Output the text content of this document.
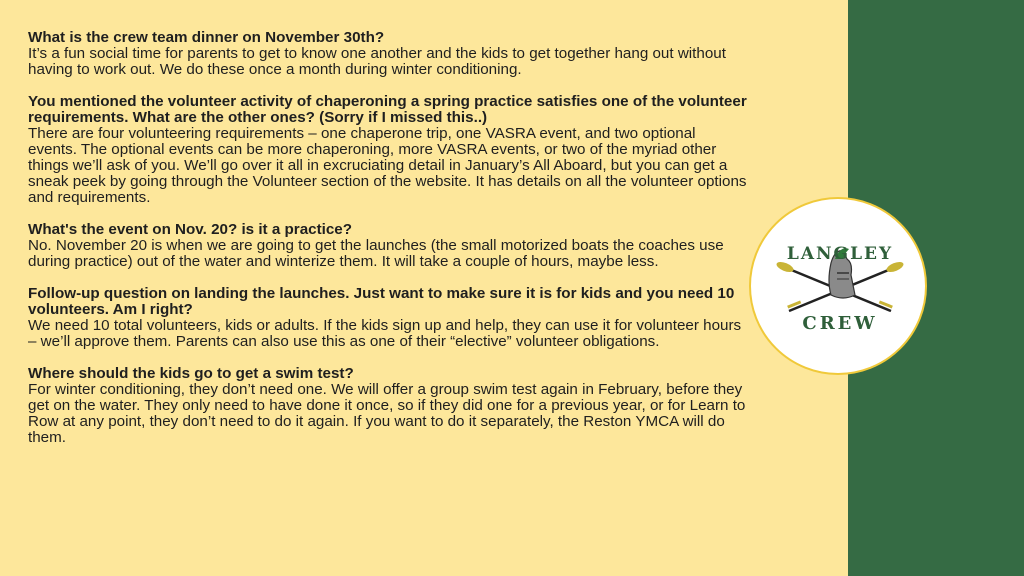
What is the crew team dinner on November 30th?
It’s a fun social time for parents to get to know one another and the kids to get together hang out without having to work out. We do these once a month during winter conditioning.
You mentioned the volunteer activity of chaperoning a spring practice satisfies one of the volunteer requirements. What are the other ones? (Sorry if I missed this..)
There are four volunteering requirements – one chaperone trip, one VASRA event, and two optional events. The optional events can be more chaperoning, more VASRA events, or two of the myriad other things we’ll ask of you. We’ll go over it all in excruciating detail in January’s All Aboard, but you can get a sneak peek by going through the Volunteer section of the website. It has details on all the volunteer options and requirements.
What's the event on Nov. 20? is it a practice?
No. November 20 is when we are going to get the launches (the small motorized boats the coaches use during practice) out of the water and winterize them. It will take a couple of hours, maybe less.
Follow-up question on landing the launches. Just want to make sure it is for kids and you need 10 volunteers. Am I right?
We need 10 total volunteers, kids or adults. If the kids sign up and help, they can use it for volunteer hours – we’ll approve them. Parents can also use this as one of their “elective” volunteer obligations.
Where should the kids go to get a swim test?
For winter conditioning, they don’t need one. We will offer a group swim test again in February, before they get on the water. They only need to have done it once, so if they did one for a previous year, or for Learn to Row at any point, they don’t need to do it again. If you want to do it separately, the Reston YMCA will do them.
CREW
LANGLEY
